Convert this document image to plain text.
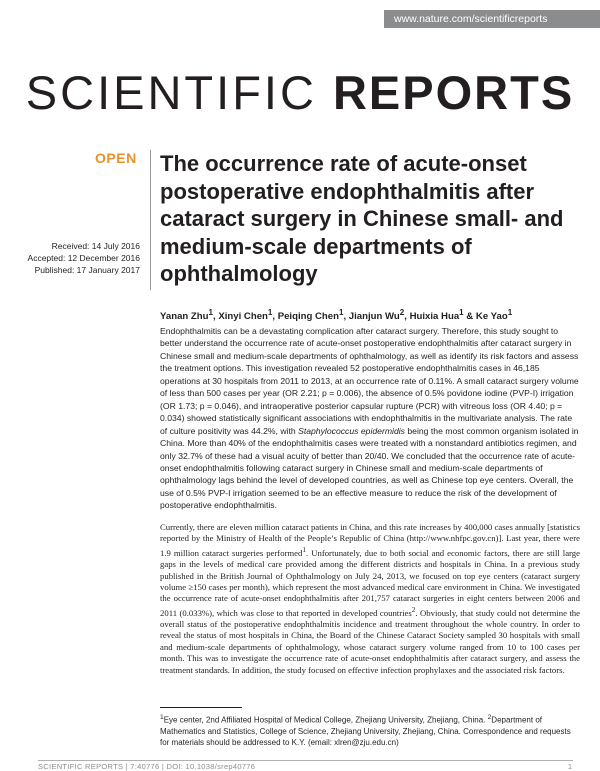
www.nature.com/scientificreports
SCIENTIFIC REPORTS
OPEN The occurrence rate of acute-onset postoperative endophthalmitis after cataract surgery in Chinese small- and medium-scale departments of ophthalmology
Received: 14 July 2016
Accepted: 12 December 2016
Published: 17 January 2017
Yanan Zhu$^1$, Xinyi Chen$^1$, Peiqing Chen$^1$, Jianjun Wu$^2$, Huixia Hua$^1$ & Ke Yao$^1$

Endophthalmitis can be a devastating complication after cataract surgery. Therefore, this study sought to better understand the occurrence rate of acute-onset postoperative endophthalmitis after cataract surgery in Chinese small and medium-scale departments of ophthalmology, as well as identify its risk factors and assess the treatment options. This investigation revealed 52 postoperative endophthalmitis cases in 46,185 operations at 30 hospitals from 2011 to 2013, at an occurrence rate of 0.11%. A small cataract surgery volume of less than 500 cases per year (OR 2.21; p = 0.006), the absence of 0.5% povidone iodine (PVP-I) irrigation (OR 1.73; p = 0.046), and intraoperative posterior capsular rupture (PCR) with vitreous loss (OR 4.40; p = 0.034) showed statistically significant associations with endophthalmitis in the multivariate analysis. The rate of culture positivity was 44.2%, with Staphylococcus epidermidis being the most common organism isolated in China. More than 40% of the endophthalmitis cases were treated with a nonstandard antibiotics regimen, and only 32.7% of these had a visual acuity of better than 20/40. We concluded that the occurrence rate of acute-onset endophthalmitis following cataract surgery in Chinese small and medium-scale departments of ophthalmology lags behind the level of developed countries, as well as Chinese top eye centers. Overall, the use of 0.5% PVP-I irrigation seemed to be an effective measure to reduce the risk of the development of postoperative endophthalmitis.

Currently, there are eleven million cataract patients in China, and this rate increases by 400,000 cases annually [statistics reported by the Ministry of Health of the People’s Republic of China (http://www.nhfpc.gov.cn)]. Last year, there were 1.9 million cataract surgeries performed$^1$. Unfortunately, due to both social and economic factors, there are still large gaps in the levels of medical care provided among the different districts and hospitals in China. In a previous study published in the British Journal of Ophthalmology on July 24, 2013, we focused on top eye centers (cataract surgery volume ≥150 cases per month), which represent the most advanced medical care environment in China. We investigated the occurrence rate of acute-onset endophthalmitis after 201,757 cataract surgeries in eight centers between 2006 and 2011 (0.033%), which was close to that reported in developed countries$^2$. Obviously, that study could not determine the overall status of the postoperative endophthalmitis incidence and treatment throughout the whole country. In order to reveal the status of most hospitals in China, the Board of the Chinese Cataract Society sampled 30 hospitals with small and medium-scale departments of ophthalmology, whose cataract surgery volume ranged from 10 to 100 cases per month. This was to investigate the occurrence rate of acute-onset endophthalmitis after cataract surgery, and assess the treatment standards. In addition, the study focused on effective infection prophylaxes and the associated risk factors.

$^1$Eye center, 2nd Affiliated Hospital of Medical College, Zhejiang University, Zhejiang, China. $^2$Department of Mathematics and Statistics, College of Science, Zhejiang University, Zhejiang, China. Correspondence and requests for materials should be addressed to K.Y. (email: xlren@zju.edu.cn)

SCIENTIFIC REPORTS | 7:40776 | DOI: 10.1038/srep40776	1
